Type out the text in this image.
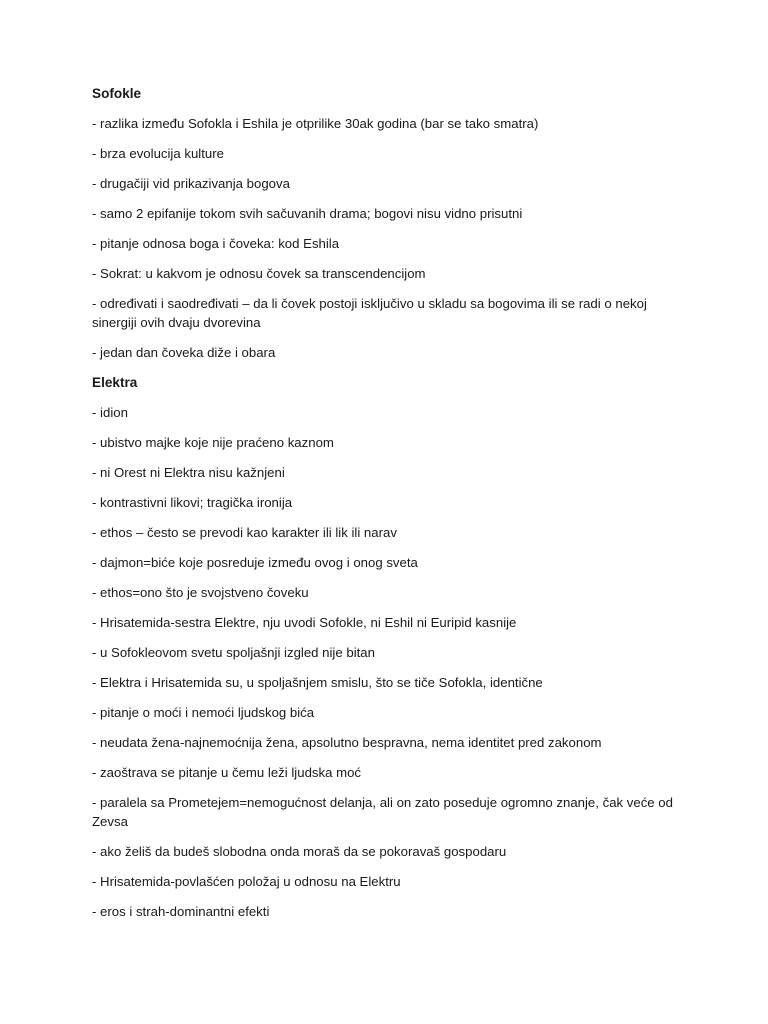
Sofokle
- razlika između Sofokla i Eshila je otprilike 30ak godina (bar se tako smatra)
- brza evolucija kulture
- drugačiji vid prikazivanja bogova
- samo 2 epifanije tokom svih sačuvanih drama; bogovi nisu vidno prisutni
- pitanje odnosa boga i čoveka: kod Eshila
- Sokrat: u kakvom je odnosu čovek sa transcendencijom
- određivati i saodređivati – da li čovek postoji isključivo u skladu sa bogovima ili se radi o nekoj sinergiji ovih dvaju dvorevina
- jedan dan čoveka diže i obara
Elektra
- idion
- ubistvo majke koje nije praćeno kaznom
- ni Orest ni Elektra nisu kažnjeni
- kontrastivni likovi; tragička ironija
- ethos – često se prevodi kao karakter ili lik ili narav
- dajmon=biće koje posreduje između ovog i onog sveta
- ethos=ono što je svojstveno čoveku
- Hrisatemida-sestra Elektre, nju uvodi Sofokle, ni Eshil ni Euripid kasnije
- u Sofokleovom svetu spoljašnji izgled nije bitan
- Elektra i Hrisatemida su, u spoljašnjem smislu, što se tiče Sofokla, identične
- pitanje o moći i nemoći ljudskog bića
- neudata žena-najnemoćnija žena, apsolutno bespravna, nema identitet pred zakonom
- zaoštrava se pitanje u čemu leži ljudska moć
- paralela sa Prometejem=nemogućnost delanja, ali on zato poseduje ogromno znanje, čak veće od Zevsa
- ako želiš da budeš slobodna onda moraš da se pokoravaš gospodaru
- Hrisatemida-povlašćen položaj u odnosu na Elektru
- eros i strah-dominantni efekti
